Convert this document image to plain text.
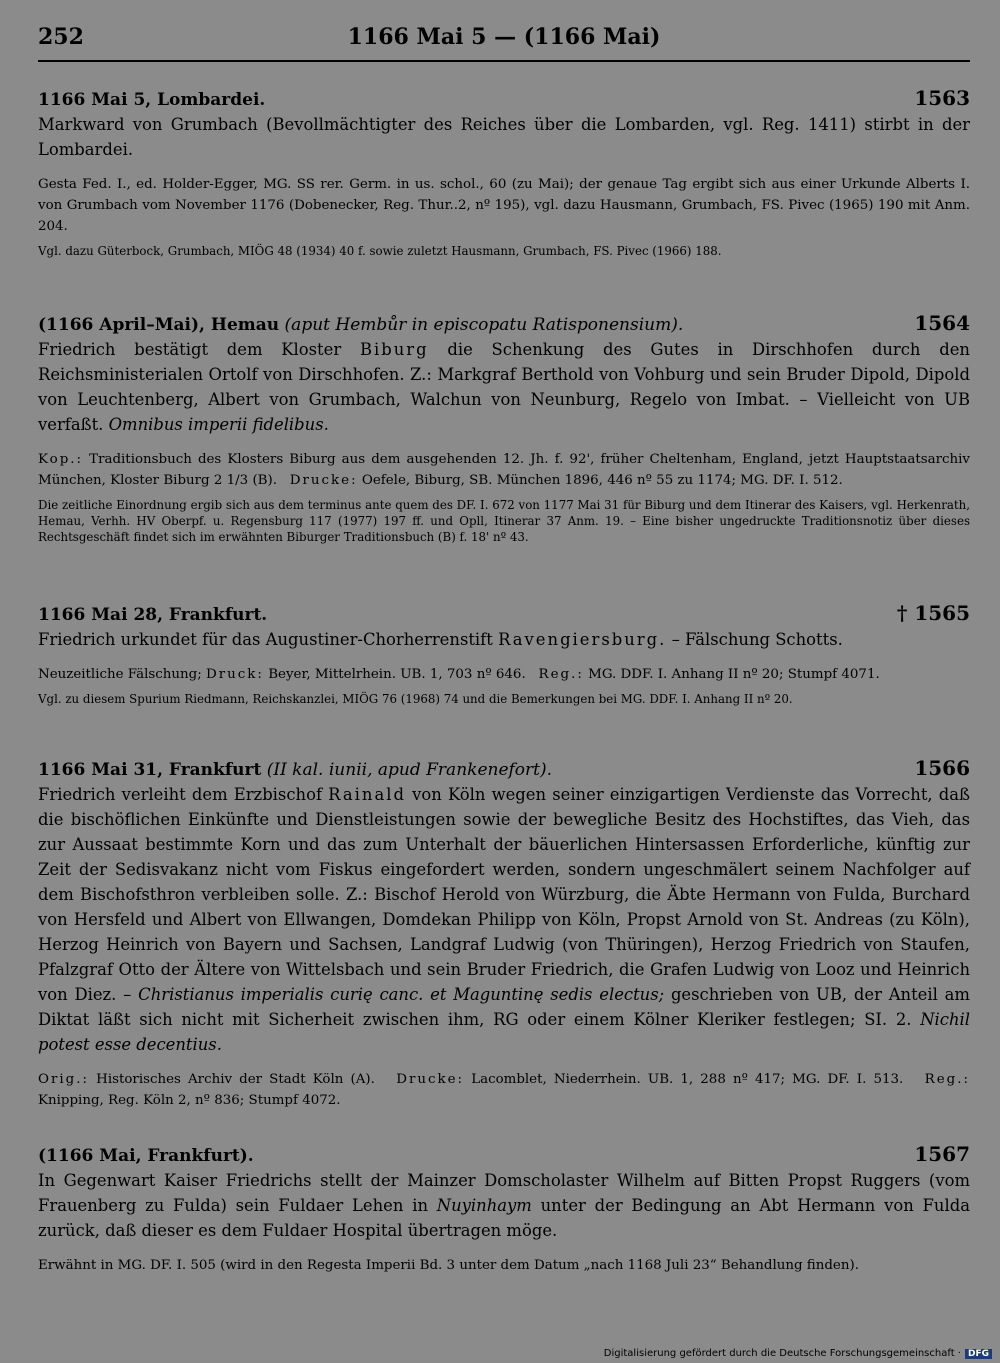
252	1166 Mai 5 — (1166 Mai)
1166 Mai 5, Lombardei.	1563

Markward von Grumbach (Bevollmächtigter des Reiches über die Lombarden, vgl. Reg. 1411) stirbt in der Lombardei.

Gesta Fed. I., ed. Holder-Egger, MG. SS rer. Germ. in us. schol., 60 (zu Mai); der genaue Tag ergibt sich aus einer Urkunde Alberts I. von Grumbach vom November 1176 (Dobenecker, Reg. Thur..2, nº 195), vgl. dazu Hausmann, Grumbach, FS. Pivec (1965) 190 mit Anm. 204.

Vgl. dazu Güterbock, Grumbach, MIÖG 48 (1934) 40 f. sowie zuletzt Hausmann, Grumbach, FS. Pivec (1966) 188.

(1166 April–Mai), Hemau (aput Hembůr in episcopatu Ratisponensium).	1564

Friedrich bestätigt dem Kloster Biburg die Schenkung des Gutes in Dirschhofen durch den Reichsministerialen Ortolf von Dirschhofen. Z.: Markgraf Berthold von Vohburg und sein Bruder Dipold, Dipold von Leuchtenberg, Albert von Grumbach, Walchun von Neunburg, Regelo von Imbat. – Vielleicht von UB verfaßt. Omnibus imperii fidelibus.

Kop.: Traditionsbuch des Klosters Biburg aus dem ausgehenden 12. Jh. f. 92', früher Cheltenham, England, jetzt Hauptstaatsarchiv München, Kloster Biburg 2 1/3 (B). Drucke: Oefele, Biburg, SB. München 1896, 446 nº 55 zu 1174; MG. DF. I. 512.

Die zeitliche Einordnung ergib sich aus dem terminus ante quem des DF. I. 672 von 1177 Mai 31 für Biburg und dem Itinerar des Kaisers, vgl. Herkenrath, Hemau, Verhh. HV Oberpf. u. Regensburg 117 (1977) 197 ff. und Opll, Itinerar 37 Anm. 19. – Eine bisher ungedruckte Traditionsnotiz über dieses Rechtsgeschäft findet sich im erwähnten Biburger Traditionsbuch (B) f. 18' nº 43.

1166 Mai 28, Frankfurt.	† 1565

Friedrich urkundet für das Augustiner-Chorherrenstift Ravengiersburg. – Fälschung Schotts.

Neuzeitliche Fälschung; Druck: Beyer, Mittelrhein. UB. 1, 703 nº 646. Reg.: MG. DDF. I. Anhang II nº 20; Stumpf 4071.

Vgl. zu diesem Spurium Riedmann, Reichskanzlei, MIÖG 76 (1968) 74 und die Bemerkungen bei MG. DDF. I. Anhang II nº 20.

1166 Mai 31, Frankfurt (II kal. iunii, apud Frankenefort).	1566

Friedrich verleiht dem Erzbischof Rainald von Köln wegen seiner einzigartigen Verdienste das Vorrecht, daß die bischöflichen Einkünfte und Dienstleistungen sowie der bewegliche Besitz des Hochstiftes, das Vieh, das zur Aussaat bestimmte Korn und das zum Unterhalt der bäuerlichen Hintersassen Erforderliche, künftig zur Zeit der Sedisvakanz nicht vom Fiskus eingefordert werden, sondern ungeschmälert seinem Nachfolger auf dem Bischofsthron verbleiben solle. Z.: Bischof Herold von Würzburg, die Äbte Hermann von Fulda, Burchard von Hersfeld und Albert von Ellwangen, Domdekan Philipp von Köln, Propst Arnold von St. Andreas (zu Köln), Herzog Heinrich von Bayern und Sachsen, Landgraf Ludwig (von Thüringen), Herzog Friedrich von Staufen, Pfalzgraf Otto der Ältere von Wittelsbach und sein Bruder Friedrich, die Grafen Ludwig von Looz und Heinrich von Diez. – Christianus imperialis curię canc. et Maguntinę sedis electus; geschrieben von UB, der Anteil am Diktat läßt sich nicht mit Sicherheit zwischen ihm, RG oder einem Kölner Kleriker festlegen; SI. 2. Nichil potest esse decentius.

Orig.: Historisches Archiv der Stadt Köln (A). Drucke: Lacomblet, Niederrhein. UB. 1, 288 nº 417; MG. DF. I. 513. Reg.: Knipping, Reg. Köln 2, nº 836; Stumpf 4072.

(1166 Mai, Frankfurt).	1567

In Gegenwart Kaiser Friedrichs stellt der Mainzer Domscholaster Wilhelm auf Bitten Propst Ruggers (vom Frauenberg zu Fulda) sein Fuldaer Lehen in Nuyinhaym unter der Bedingung an Abt Hermann von Fulda zurück, daß dieser es dem Fuldaer Hospital übertragen möge.

Erwähnt in MG. DF. I. 505 (wird in den Regesta Imperii Bd. 3 unter dem Datum „nach 1168 Juli 23“ Behandlung finden).

Digitalisierung gefördert durch die Deutsche Forschungsgemeinschaft · DFG
